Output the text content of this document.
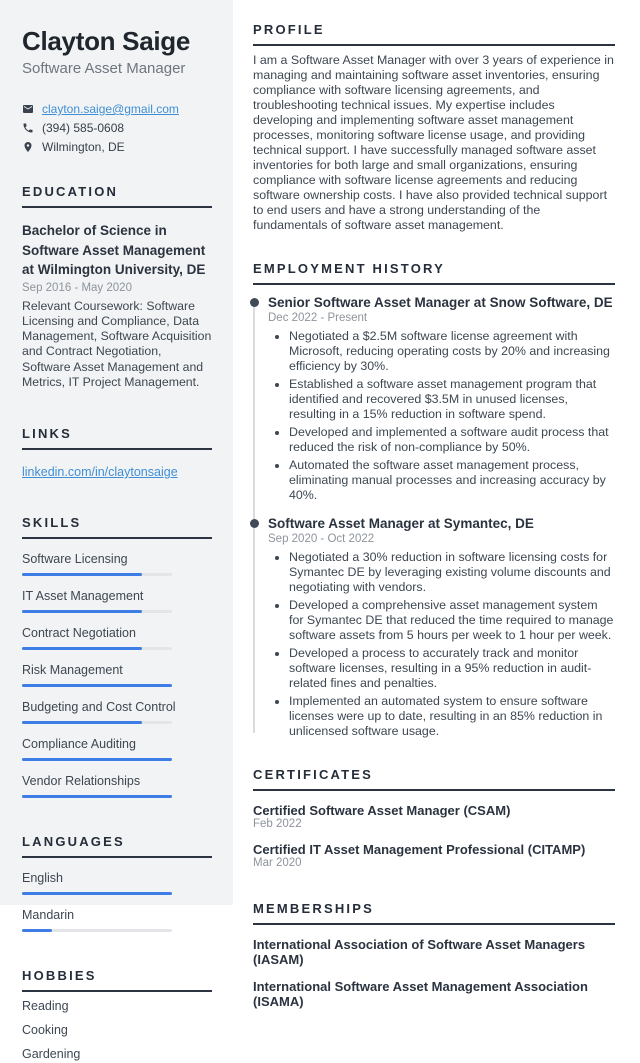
Clayton Saige
Software Asset Manager
clayton.saige@gmail.com
(394) 585-0608
Wilmington, DE
EDUCATION
Bachelor of Science in Software Asset Management at Wilmington University, DE
Sep 2016 - May 2020
Relevant Coursework: Software Licensing and Compliance, Data Management, Software Acquisition and Contract Negotiation, Software Asset Management and Metrics, IT Project Management.
LINKS
linkedin.com/in/claytonsaige
SKILLS
Software Licensing
IT Asset Management
Contract Negotiation
Risk Management
Budgeting and Cost Control
Compliance Auditing
Vendor Relationships
LANGUAGES
English
Mandarin
HOBBIES
Reading
Cooking
Gardening
PROFILE

I am a Software Asset Manager with over 3 years of experience in managing and maintaining software asset inventories, ensuring compliance with software licensing agreements, and troubleshooting technical issues. My expertise includes developing and implementing software asset management processes, monitoring software license usage, and providing technical support. I have successfully managed software asset inventories for both large and small organizations, ensuring compliance with software license agreements and reducing software ownership costs. I have also provided technical support to end users and have a strong understanding of the fundamentals of software asset management.

EMPLOYMENT HISTORY
Senior Software Asset Manager at Snow Software, DE
Dec 2022 - Present
• Negotiated a $2.5M software license agreement with Microsoft, reducing operating costs by 20% and increasing efficiency by 30%.
• Established a software asset management program that identified and recovered $3.5M in unused licenses, resulting in a 15% reduction in software spend.
• Developed and implemented a software audit process that reduced the risk of non-compliance by 50%.
• Automated the software asset management process, eliminating manual processes and increasing accuracy by 40%.
Software Asset Manager at Symantec, DE
Sep 2020 - Oct 2022
• Negotiated a 30% reduction in software licensing costs for Symantec DE by leveraging existing volume discounts and negotiating with vendors.
• Developed a comprehensive asset management system for Symantec DE that reduced the time required to manage software assets from 5 hours per week to 1 hour per week.
• Developed a process to accurately track and monitor software licenses, resulting in a 95% reduction in audit-related fines and penalties.
• Implemented an automated system to ensure software licenses were up to date, resulting in an 85% reduction in unlicensed software usage.
CERTIFICATES
Certified Software Asset Manager (CSAM)
Feb 2022
Certified IT Asset Management Professional (CITAMP)
Mar 2020
MEMBERSHIPS
International Association of Software Asset Managers (IASAM)
International Software Asset Management Association (ISAMA)
